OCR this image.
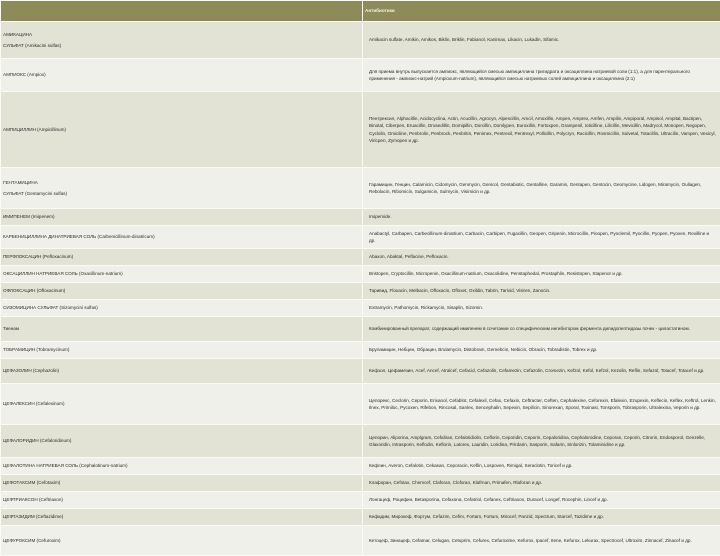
	Антибиотики

АМИКАЦИНА
СУЛЬФАТ (Amikacini sulfas)	Amikacin sulfate, Amikin, Amikos, Biklin, Briklin, Fabianol, Kanimax, Likacin, Lukadin, Sifamic.
АМПИОКС (Ampiox)	Для приема внутрь выпускается ампиокс, являющийся смесью ампициллина тригидрата и оксациллина натриевой соли (1:1), а для парентерального применения - ампиокс-натрий (Ampioxum-natrium), являющийся смесью натриевых солей ампициллина и оксациллина (2:1)
АМПИЦИЛЛИН (Ampicillinum)	Пентрексил, Alphacillin, Acidocyclina, Actin, Acucillin, Agrocyn, Alpencillin, Amcil, Amoxillin, Ampen, Amprex, Amfen, Ampilin, Ampiporal, Ampisol, Ampital, Bactipen, Binotal, Ciberpen, Eruacillin, Drusedillin, Domipillin, Dorcillin, Domlypen, Euroxillin, Fortoxpen, Grampenil, Ioticilline, Lilicillin, Mevicillin, Madrycol, Monopen, Negopen, Cyclolin, Omiciline, Penbrolin, Penbrock, Penbritin, Penimex, Pentrexil, Pentrexyl, Pollicillin, Polycryn, Racicillin, Rosmicillin, Sulvetal, Totacillin, Ultracilin, Vampen, Vexicyl, Viricpen, Zymopen и др.

ГЕНТАМИЦИНА
СУЛЬФАТ (Gentamycini sulfas)	Гарамицин, Генцин, Calamicin, Cidomycin, Genmycin, Genicol, Gentabiotic, Gentalline, Garamin, Gentapen, Gentocin, Geomycine, Lidogen, Miramycin, Ouliagen, Rebolacin, Ribomicin, Sulgamicin, Sulmycin, Visimicin и др.
ИМИПЕНЕМ (Imipenem)	Imipemide.
КАРБЕНИЦИЛЛИНА ДИНАТРИЕВАЯ СОЛЬ (Carbenicillinum-dinatricum)	Anabactyl, Carbapen, Carbecillinum-dinatrium, Carbacin, Carbipen, Fugacillin, Geopen, Gripenin, Microcillin, Pioopen, Pyoclemil, Pyocillin, Pyopen, Pyoxen, Rexilline и др.
ПЕРФЛОКСАЦИН (Pefloxacinum)	Abaxon, Abaktal, Peflacine, Pefloxacin.
ОКСАЦИЛЛИН НАТРИЕВАЯ СОЛЬ (Oxacillinum-natrium)	Bristopen, Cryptocillin, Micropenin, Oxacillinum-natrium, Oxacolidine, Penstaphedal, Prostaphlin, Resistopen, Stapenor и др.
ОФЛОКСАЦИН (Ofloxacinum)	Таривид, Floxacin, Melbacin, Ofloxacin, Ofloxet, Oxildin, Tabrin, Tarivid, Visiren, Zanocin.
СИЗОМИЦИНА СУЛЬФАТ (Sizomycini sulfas)	Extramycin, Pathomycin, Rickamycin, Sisaplin, Sizomin.
Тиенам	Комбинированный препарат, содержащий имипенем в сочетании со специфическим ингибитором фермента дипидопептидазы почек - циластатином.
ТОБРАМИЦИН (Tobramycinum)	Бруламицин, Небцин, Обрацин, Brulamycin, Distobram, Gernebcin, Nebicin, Obracin, Tobradistin, Tobrex и др.
ЦЕФАЗОЛИН (Cephazolin)	Кефзол, Цефамезин, Acef, Ancef, Atralcef, Cefacid, Cefazolin, Cefamezin, Cefazolin, Cromezin, Kefzol, Kefol, Kefzol, Kezolin, Reflin, Sefazol, Totacef, Totacef и др.
ЦЕФАЛЕКСИН (Cefalexinum)	Цепорекс, Ceclorin, Ceporin, Erixanol, Cefablot, Cefalexil, Cefax, Cefaxin, Ceftracter, Ceften, Cephalexine, Ceforexin, Efalexin, Ezupexin, Keflecin, Keflex, Keftrol, Lenkin, Ilnex, Primiloc, Pycoxen, Rifebon, Rincosal, Sanlex, Sencephalin, Sepexin, Sepilicin, Sinorexan, Sporal, Toxinasi, Tonsporin, Tobrasporin, Ultralexina, Veporin и др.
ЦЕФАЛОРИДИН (Cefaloridinum)	Цепорин, Aliporina, Amplgram, Cefaliran, Cefalotidiolin, Ceflorin, Ceporidin, Ceporin, Cepaloridina, Cephalorodine, Ceporan, Ceporin, Citrorin, Endosporol, Genzelle, Glaxoridin, Intrasporin, Keflodin, Keflorin, Latorex, Lauridin, Loridina, Prirdarin, Sasporin, Safarin, Sinlorizin, Tolaminidine и др.
ЦЕФАЛОТИНА НАТРИЕВАЯ СОЛЬ (Cephalotinum-natrium)	Кефлин, Averon, Cefalotin, Cekasan, Ceporacin, Keflin, Lospoven, Rimigal, Seraclotin, Toricef и др.
ЦЕФОТАКСИМ (Cefotaxim)	Клафоран, Cefotax, Chemcef, Claforan, Cloforan, Klafrnan, Primafen, Rlaforan и др.
ЦЕФТРИАКСОН (Ceftriaxon)	Лонгацеф, Роцефин, Betasporina, Cefaxona, Cefatriol, Cefanex, Ceftriaxon, Duracef, Longef, Rocephin, Lincef и др.
ЦЕФТАЗИДИМ (Ceftazidime)	Кефадим, Мирокеф, Фортум, Cefazim, Cefim, Fortam, Fortum, Mirocef, Panzid, Spectrum, Starcef, Tazidime и др.
ЦЕФУРОКСИМ (Cefuroxim)	Кетоцеф, Зинацеф, Cefamar, Celugan, Cetoprim, Cefurex, Cefuroxime, Kefurox, Ipacef, Itene, Kefurox, Lekurax, Spectrocef, Ultroxim, Zinnacef, Zinacef и др.
